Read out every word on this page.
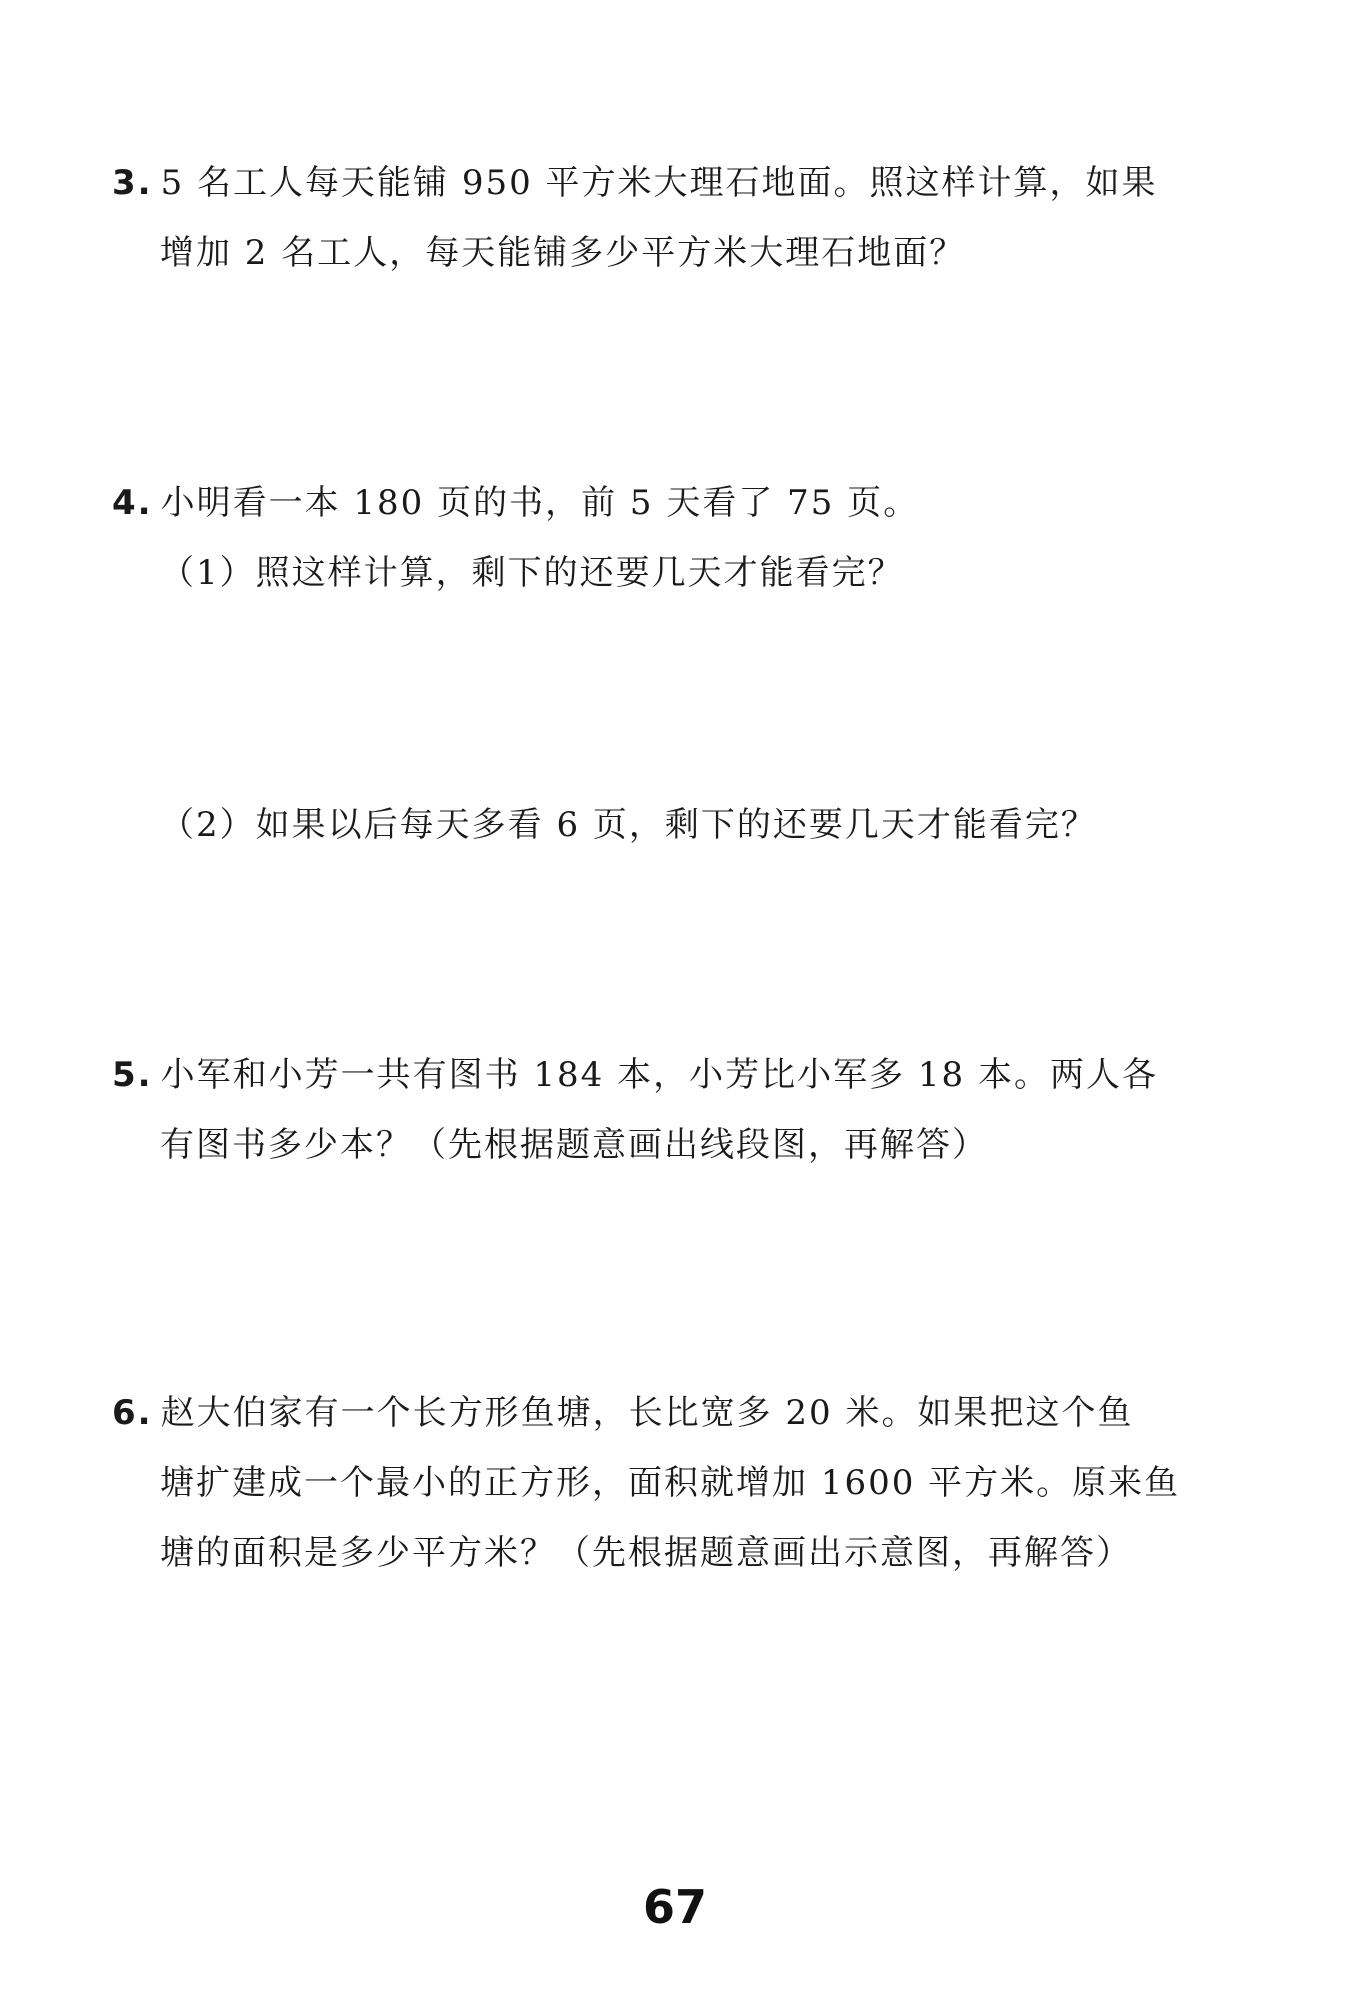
3. 5 名工人每天能铺 950 平方米大理石地面。照这样计算，如果
增加 2 名工人，每天能铺多少平方米大理石地面？
4. 小明看一本 180 页的书，前 5 天看了 75 页。
（1）照这样计算，剩下的还要几天才能看完？
（2）如果以后每天多看 6 页，剩下的还要几天才能看完？
5. 小军和小芳一共有图书 184 本，小芳比小军多 18 本。两人各
有图书多少本？（先根据题意画出线段图，再解答）
6. 赵大伯家有一个长方形鱼塘，长比宽多 20 米。如果把这个鱼
塘扩建成一个最小的正方形，面积就增加 1600 平方米。原来鱼
塘的面积是多少平方米？（先根据题意画出示意图，再解答）
67
